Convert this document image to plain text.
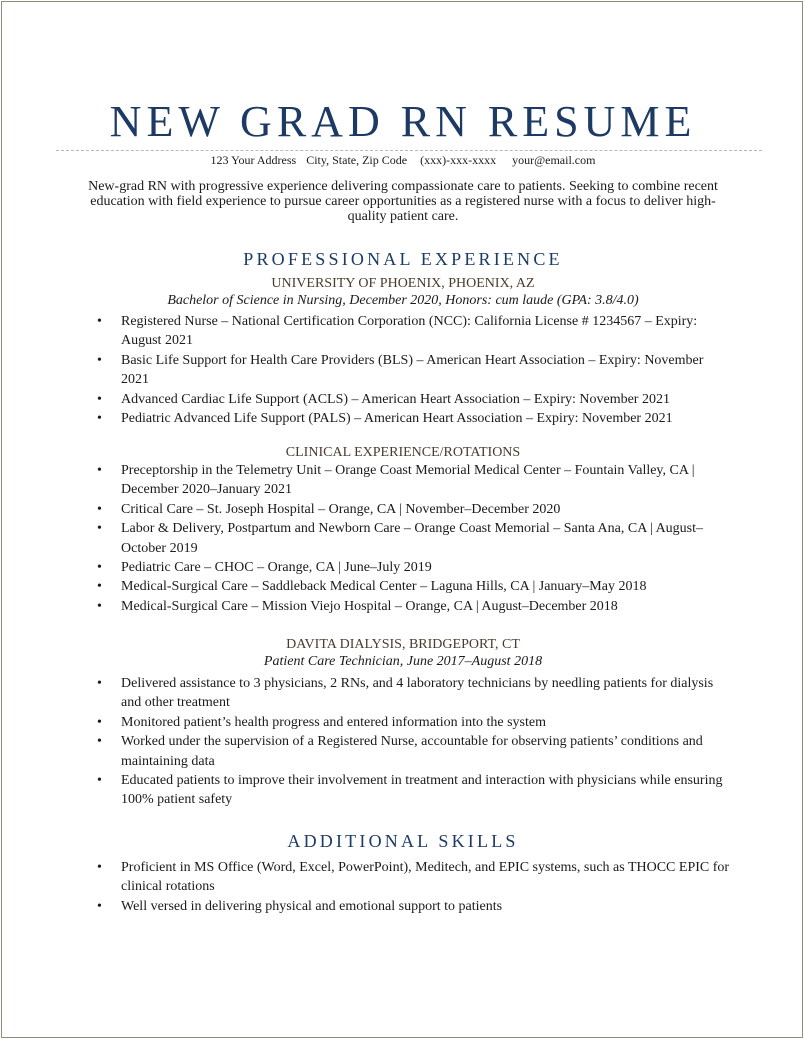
NEW GRAD RN RESUME
123 Your Address City, State, Zip Code (xxx)-xxx-xxxx your@email.com
New-grad RN with progressive experience delivering compassionate care to patients. Seeking to combine recent education with field experience to pursue career opportunities as a registered nurse with a focus to deliver high-quality patient care.
PROFESSIONAL EXPERIENCE
UNIVERSITY OF PHOENIX, PHOENIX, AZ
Bachelor of Science in Nursing, December 2020, Honors: cum laude (GPA: 3.8/4.0)
• Registered Nurse – National Certification Corporation (NCC): California License # 1234567 – Expiry: August 2021
• Basic Life Support for Health Care Providers (BLS) – American Heart Association – Expiry: November 2021
• Advanced Cardiac Life Support (ACLS) – American Heart Association – Expiry: November 2021
• Pediatric Advanced Life Support (PALS) – American Heart Association – Expiry: November 2021
CLINICAL EXPERIENCE/ROTATIONS
• Preceptorship in the Telemetry Unit – Orange Coast Memorial Medical Center – Fountain Valley, CA | December 2020–January 2021
• Critical Care – St. Joseph Hospital – Orange, CA | November–December 2020
• Labor & Delivery, Postpartum and Newborn Care – Orange Coast Memorial – Santa Ana, CA | August–October 2019
• Pediatric Care – CHOC – Orange, CA | June–July 2019
• Medical-Surgical Care – Saddleback Medical Center – Laguna Hills, CA | January–May 2018
• Medical-Surgical Care – Mission Viejo Hospital – Orange, CA | August–December 2018
DAVITA DIALYSIS, BRIDGEPORT, CT
Patient Care Technician, June 2017–August 2018
• Delivered assistance to 3 physicians, 2 RNs, and 4 laboratory technicians by needling patients for dialysis and other treatment
• Monitored patient’s health progress and entered information into the system
• Worked under the supervision of a Registered Nurse, accountable for observing patients’ conditions and maintaining data
• Educated patients to improve their involvement in treatment and interaction with physicians while ensuring 100% patient safety
ADDITIONAL SKILLS
• Proficient in MS Office (Word, Excel, PowerPoint), Meditech, and EPIC systems, such as THOCC EPIC for clinical rotations
• Well versed in delivering physical and emotional support to patients
